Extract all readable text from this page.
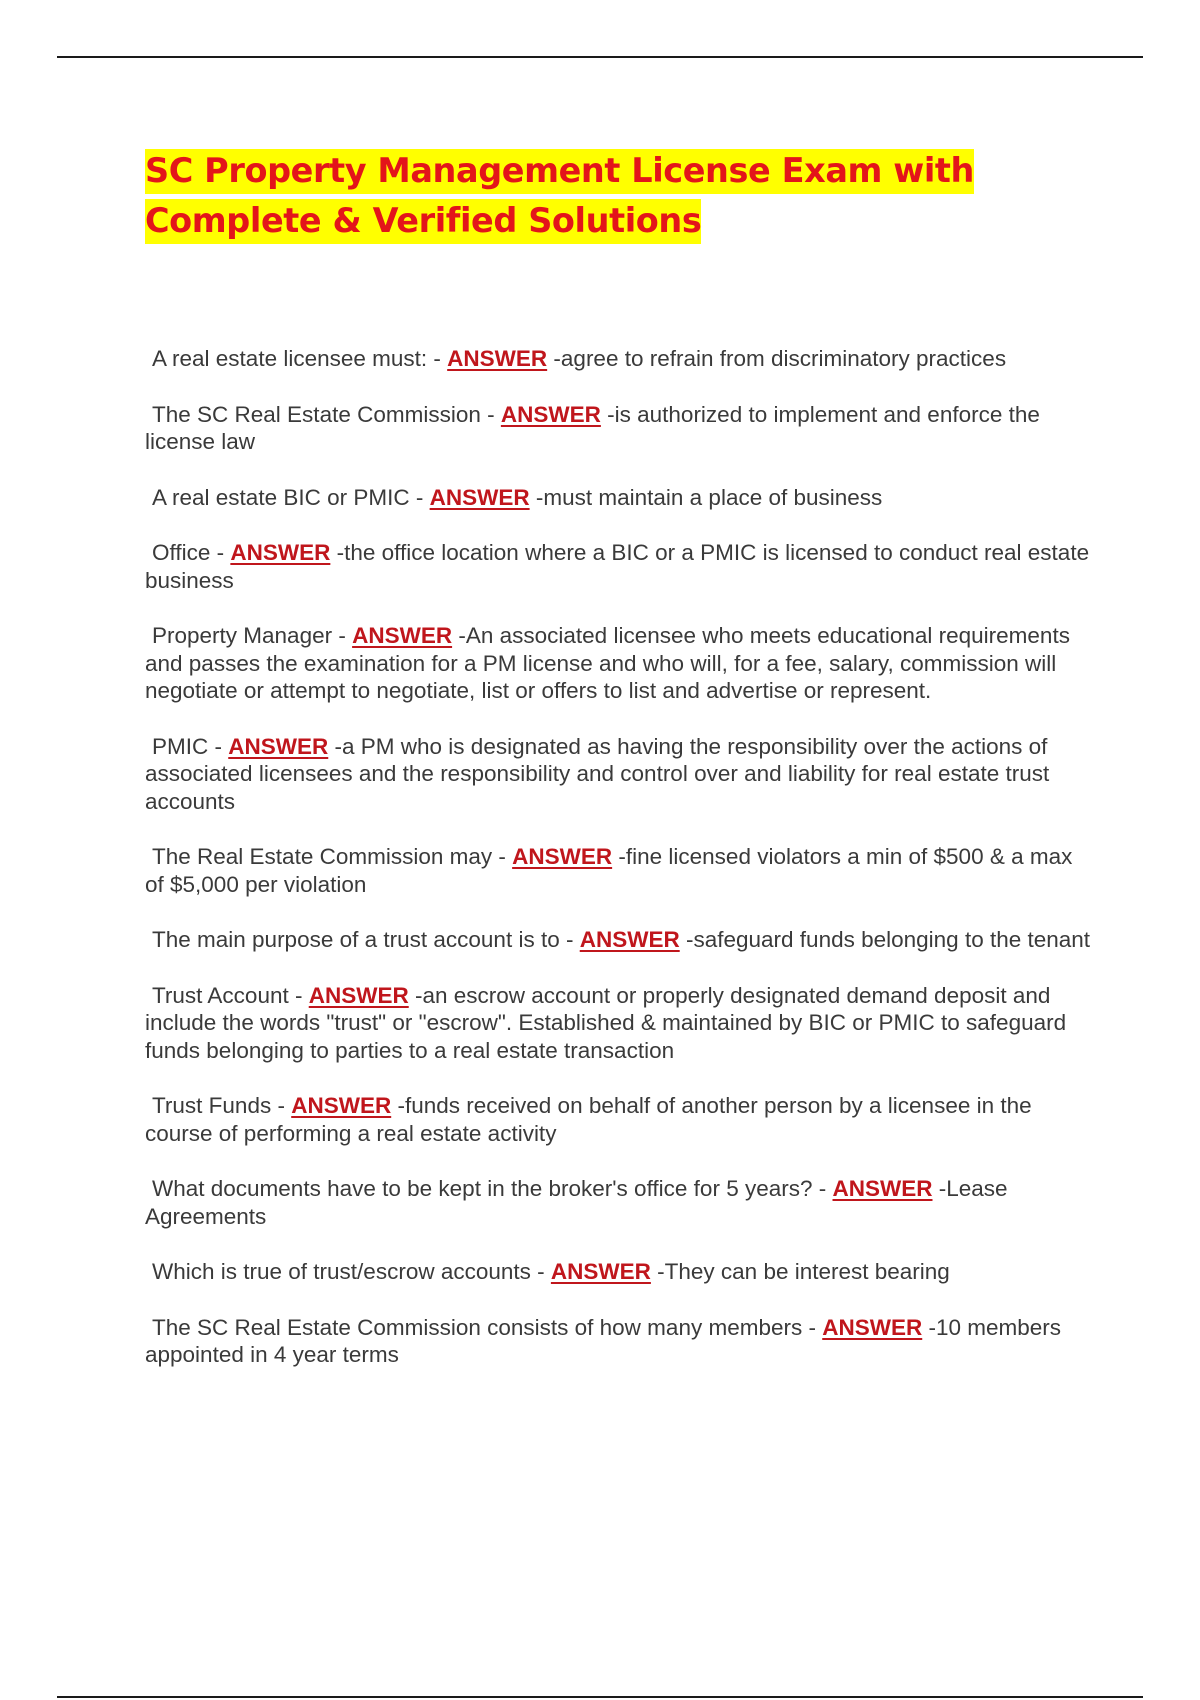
SC Property Management License Exam with
Complete & Verified Solutions
A real estate licensee must: - ANSWER -agree to refrain from discriminatory practices
The SC Real Estate Commission - ANSWER -is authorized to implement and enforce the license law
A real estate BIC or PMIC - ANSWER -must maintain a place of business
Office - ANSWER -the office location where a BIC or a PMIC is licensed to conduct real estate business
Property Manager - ANSWER -An associated licensee who meets educational requirements and passes the examination for a PM license and who will, for a fee, salary, commission will negotiate or attempt to negotiate, list or offers to list and advertise or represent.
PMIC - ANSWER -a PM who is designated as having the responsibility over the actions of associated licensees and the responsibility and control over and liability for real estate trust accounts
The Real Estate Commission may - ANSWER -fine licensed violators a min of $500 & a max of $5,000 per violation
The main purpose of a trust account is to - ANSWER -safeguard funds belonging to the tenant
Trust Account - ANSWER -an escrow account or properly designated demand deposit and include the words "trust" or "escrow". Established & maintained by BIC or PMIC to safeguard funds belonging to parties to a real estate transaction
Trust Funds - ANSWER -funds received on behalf of another person by a licensee in the course of performing a real estate activity
What documents have to be kept in the broker's office for 5 years? - ANSWER -Lease Agreements
Which is true of trust/escrow accounts - ANSWER -They can be interest bearing
The SC Real Estate Commission consists of how many members - ANSWER -10 members appointed in 4 year terms
